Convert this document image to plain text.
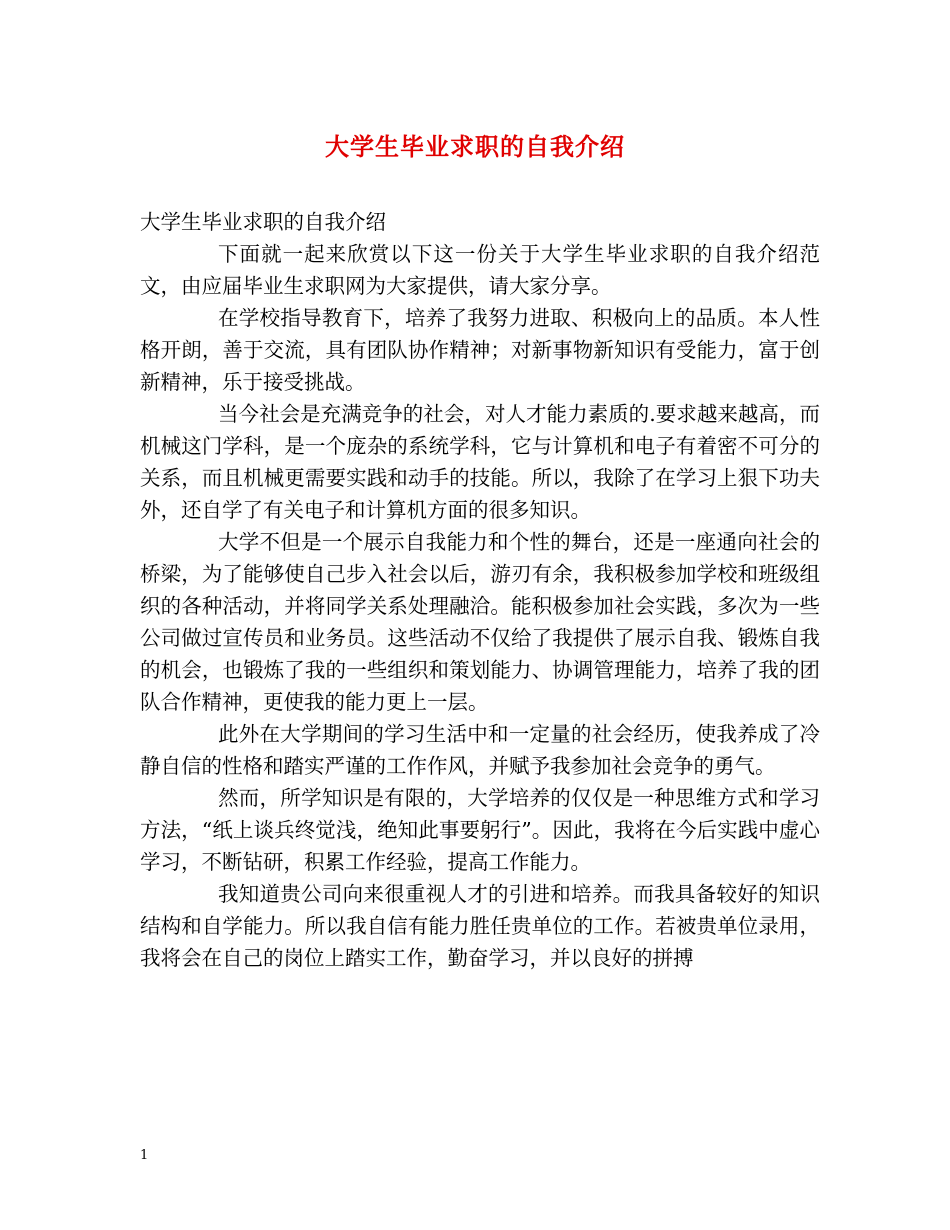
大学生毕业求职的自我介绍

大学生毕业求职的自我介绍

下面就一起来欣赏以下这一份关于大学生毕业求职的自我介绍范文，由应届毕业生求职网为大家提供，请大家分享。

在学校指导教育下，培养了我努力进取、积极向上的品质。本人性格开朗，善于交流，具有团队协作精神；对新事物新知识有受能力，富于创新精神，乐于接受挑战。

当今社会是充满竞争的社会，对人才能力素质的.要求越来越高，而机械这门学科，是一个庞杂的系统学科，它与计算机和电子有着密不可分的关系，而且机械更需要实践和动手的技能。所以，我除了在学习上狠下功夫外，还自学了有关电子和计算机方面的很多知识。

大学不但是一个展示自我能力和个性的舞台，还是一座通向社会的桥梁，为了能够使自己步入社会以后，游刃有余，我积极参加学校和班级组织的各种活动，并将同学关系处理融洽。能积极参加社会实践，多次为一些公司做过宣传员和业务员。这些活动不仅给了我提供了展示自我、锻炼自我的机会，也锻炼了我的一些组织和策划能力、协调管理能力，培养了我的团队合作精神，更使我的能力更上一层。

此外在大学期间的学习生活中和一定量的社会经历，使我养成了冷静自信的性格和踏实严谨的工作作风，并赋予我参加社会竞争的勇气。

然而，所学知识是有限的，大学培养的仅仅是一种思维方式和学习方法，“纸上谈兵终觉浅，绝知此事要躬行”。因此，我将在今后实践中虚心学习，不断钻研，积累工作经验，提高工作能力。

我知道贵公司向来很重视人才的引进和培养。而我具备较好的知识结构和自学能力。所以我自信有能力胜任贵单位的工作。若被贵单位录用，我将会在自己的岗位上踏实工作，勤奋学习，并以良好的拼搏

1
